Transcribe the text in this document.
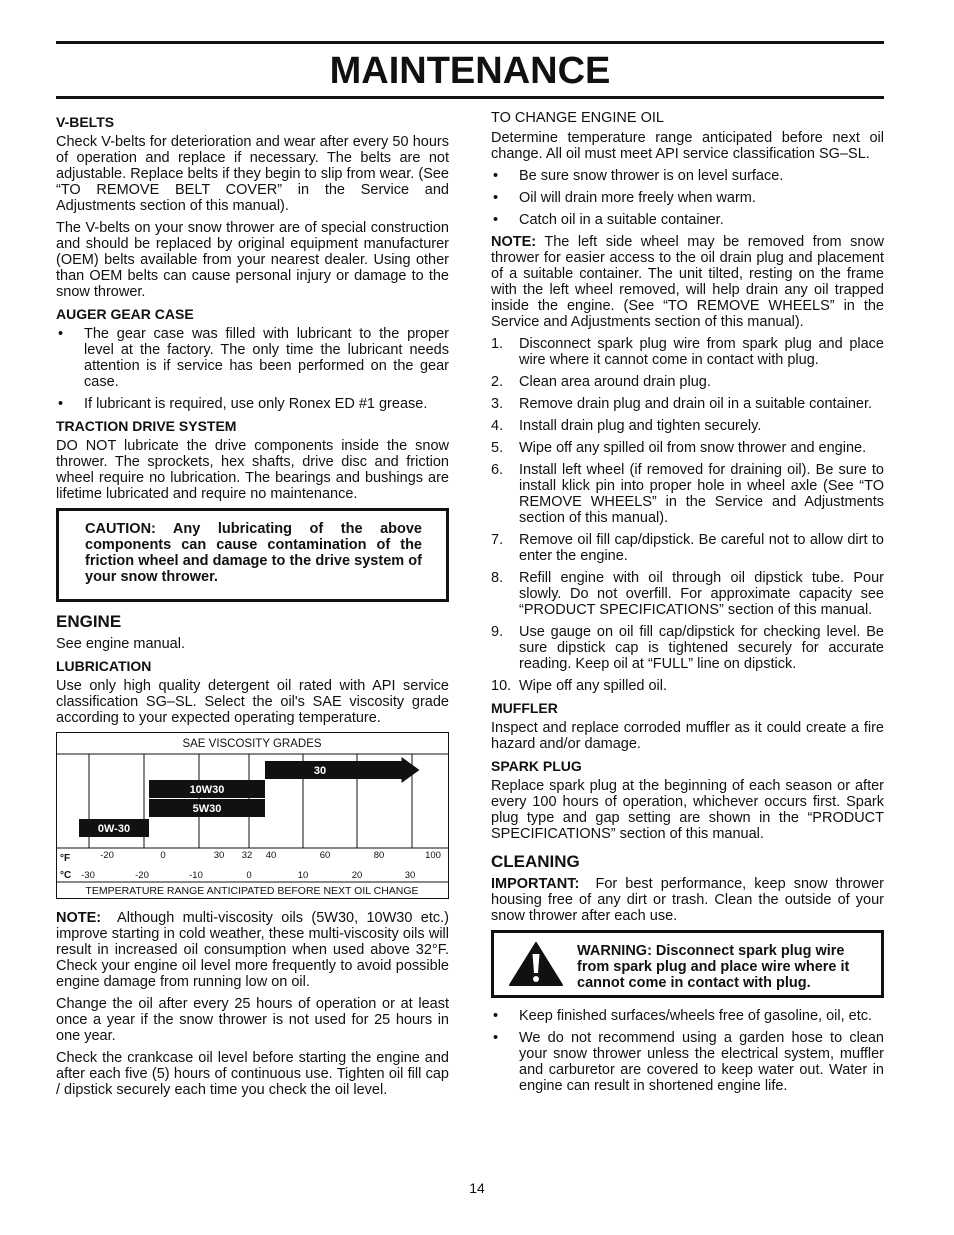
MAINTENANCE
V-BELTS

Check V-belts for deterioration and wear after every 50 hours of operation and replace if necessary. The belts are not adjustable. Replace belts if they begin to slip from wear. (See “TO REMOVE BELT COVER” in the Service and Adjustments section of this manual).

The V-belts on your snow thrower are of special construction and should be replaced by original equipment manufacturer (OEM) belts available from your nearest dealer. Using other than OEM belts can cause personal injury or damage to the snow thrower.

AUGER GEAR CASE
• The gear case was filled with lubricant to the proper level at the factory. The only time the lubricant needs attention is if service has been performed on the gear case.
• If lubricant is required, use only Ronex ED #1 grease.
TRACTION DRIVE SYSTEM

DO NOT lubricate the drive components inside the snow thrower. The sprockets, hex shafts, drive disc and friction wheel require no lubrication. The bearings and bushings are lifetime lubricated and require no maintenance.

CAUTION: Any lubricating of the above components can cause contamination of the friction wheel and damage to the drive system of your snow thrower.

ENGINE

See engine manual.

LUBRICATION

Use only high quality detergent oil rated with API service classification SG–SL. Select the oil's SAE viscosity grade according to your expected operating temperature.

SAE VISCOSITY GRADES
TEMPERATURE RANGE ANTICIPATED BEFORE NEXT OIL CHANGE
0W-30
5W30
10W30
30
°F
°C
-20	0	30 32 40	60	80	100
-30	-20	-10	0	10	20	30

NOTE: Although multi-viscosity oils (5W30, 10W30 etc.) improve starting in cold weather, these multi-viscosity oils will result in increased oil consumption when used above 32°F. Check your engine oil level more frequently to avoid possible engine damage from running low on oil.

Change the oil after every 25 hours of operation or at least once a year if the snow thrower is not used for 25 hours in one year.

Check the crankcase oil level before starting the engine and after each five (5) hours of continuous use. Tighten oil fill cap / dipstick securely each time you check the oil level.

TO CHANGE ENGINE OIL

Determine temperature range anticipated before next oil change. All oil must meet API service classification SG–SL.

• Be sure snow thrower is on level surface.
• Oil will drain more freely when warm.
• Catch oil in a suitable container.

NOTE: The left side wheel may be removed from snow thrower for easier access to the oil drain plug and placement of a suitable container. The unit tilted, resting on the frame with the left wheel removed, will help drain any oil trapped inside the engine. (See “TO REMOVE WHEELS” in the Service and Adjustments section of this manual).

1. Disconnect spark plug wire from spark plug and place wire where it cannot come in contact with plug.
2. Clean area around drain plug.
3. Remove drain plug and drain oil in a suitable container.
4. Install drain plug and tighten securely.
5. Wipe off any spilled oil from snow thrower and engine.
6. Install left wheel (if removed for draining oil). Be sure to install klick pin into proper hole in wheel axle (See “TO REMOVE WHEELS” in the Service and Adjustments section of this manual).
7. Remove oil fill cap/dipstick. Be careful not to allow dirt to enter the engine.
8. Refill engine with oil through oil dipstick tube. Pour slowly. Do not overfill. For approximate capacity see “PRODUCT SPECIFICATIONS” section of this manual.
9. Use gauge on oil fill cap/dipstick for checking level. Be sure dipstick cap is tightened securely for accurate reading. Keep oil at “FULL” line on dipstick.
10. Wipe off any spilled oil.
MUFFLER

Inspect and replace corroded muffler as it could create a fire hazard and/or damage.

SPARK PLUG

Replace spark plug at the beginning of each season or after every 100 hours of operation, whichever occurs first. Spark plug type and gap setting are shown in the “PRODUCT SPECIFICATIONS” section of this manual.

CLEANING

IMPORTANT: For best performance, keep snow thrower housing free of any dirt or trash. Clean the outside of your snow thrower after each use.

WARNING: Disconnect spark plug wire from spark plug and place wire where it cannot come in contact with plug.

• Keep finished surfaces/wheels free of gasoline, oil, etc.
• We do not recommend using a garden hose to clean your snow thrower unless the electrical system, muffler and carburetor are covered to keep water out. Water in engine can result in shortened engine life.
14
